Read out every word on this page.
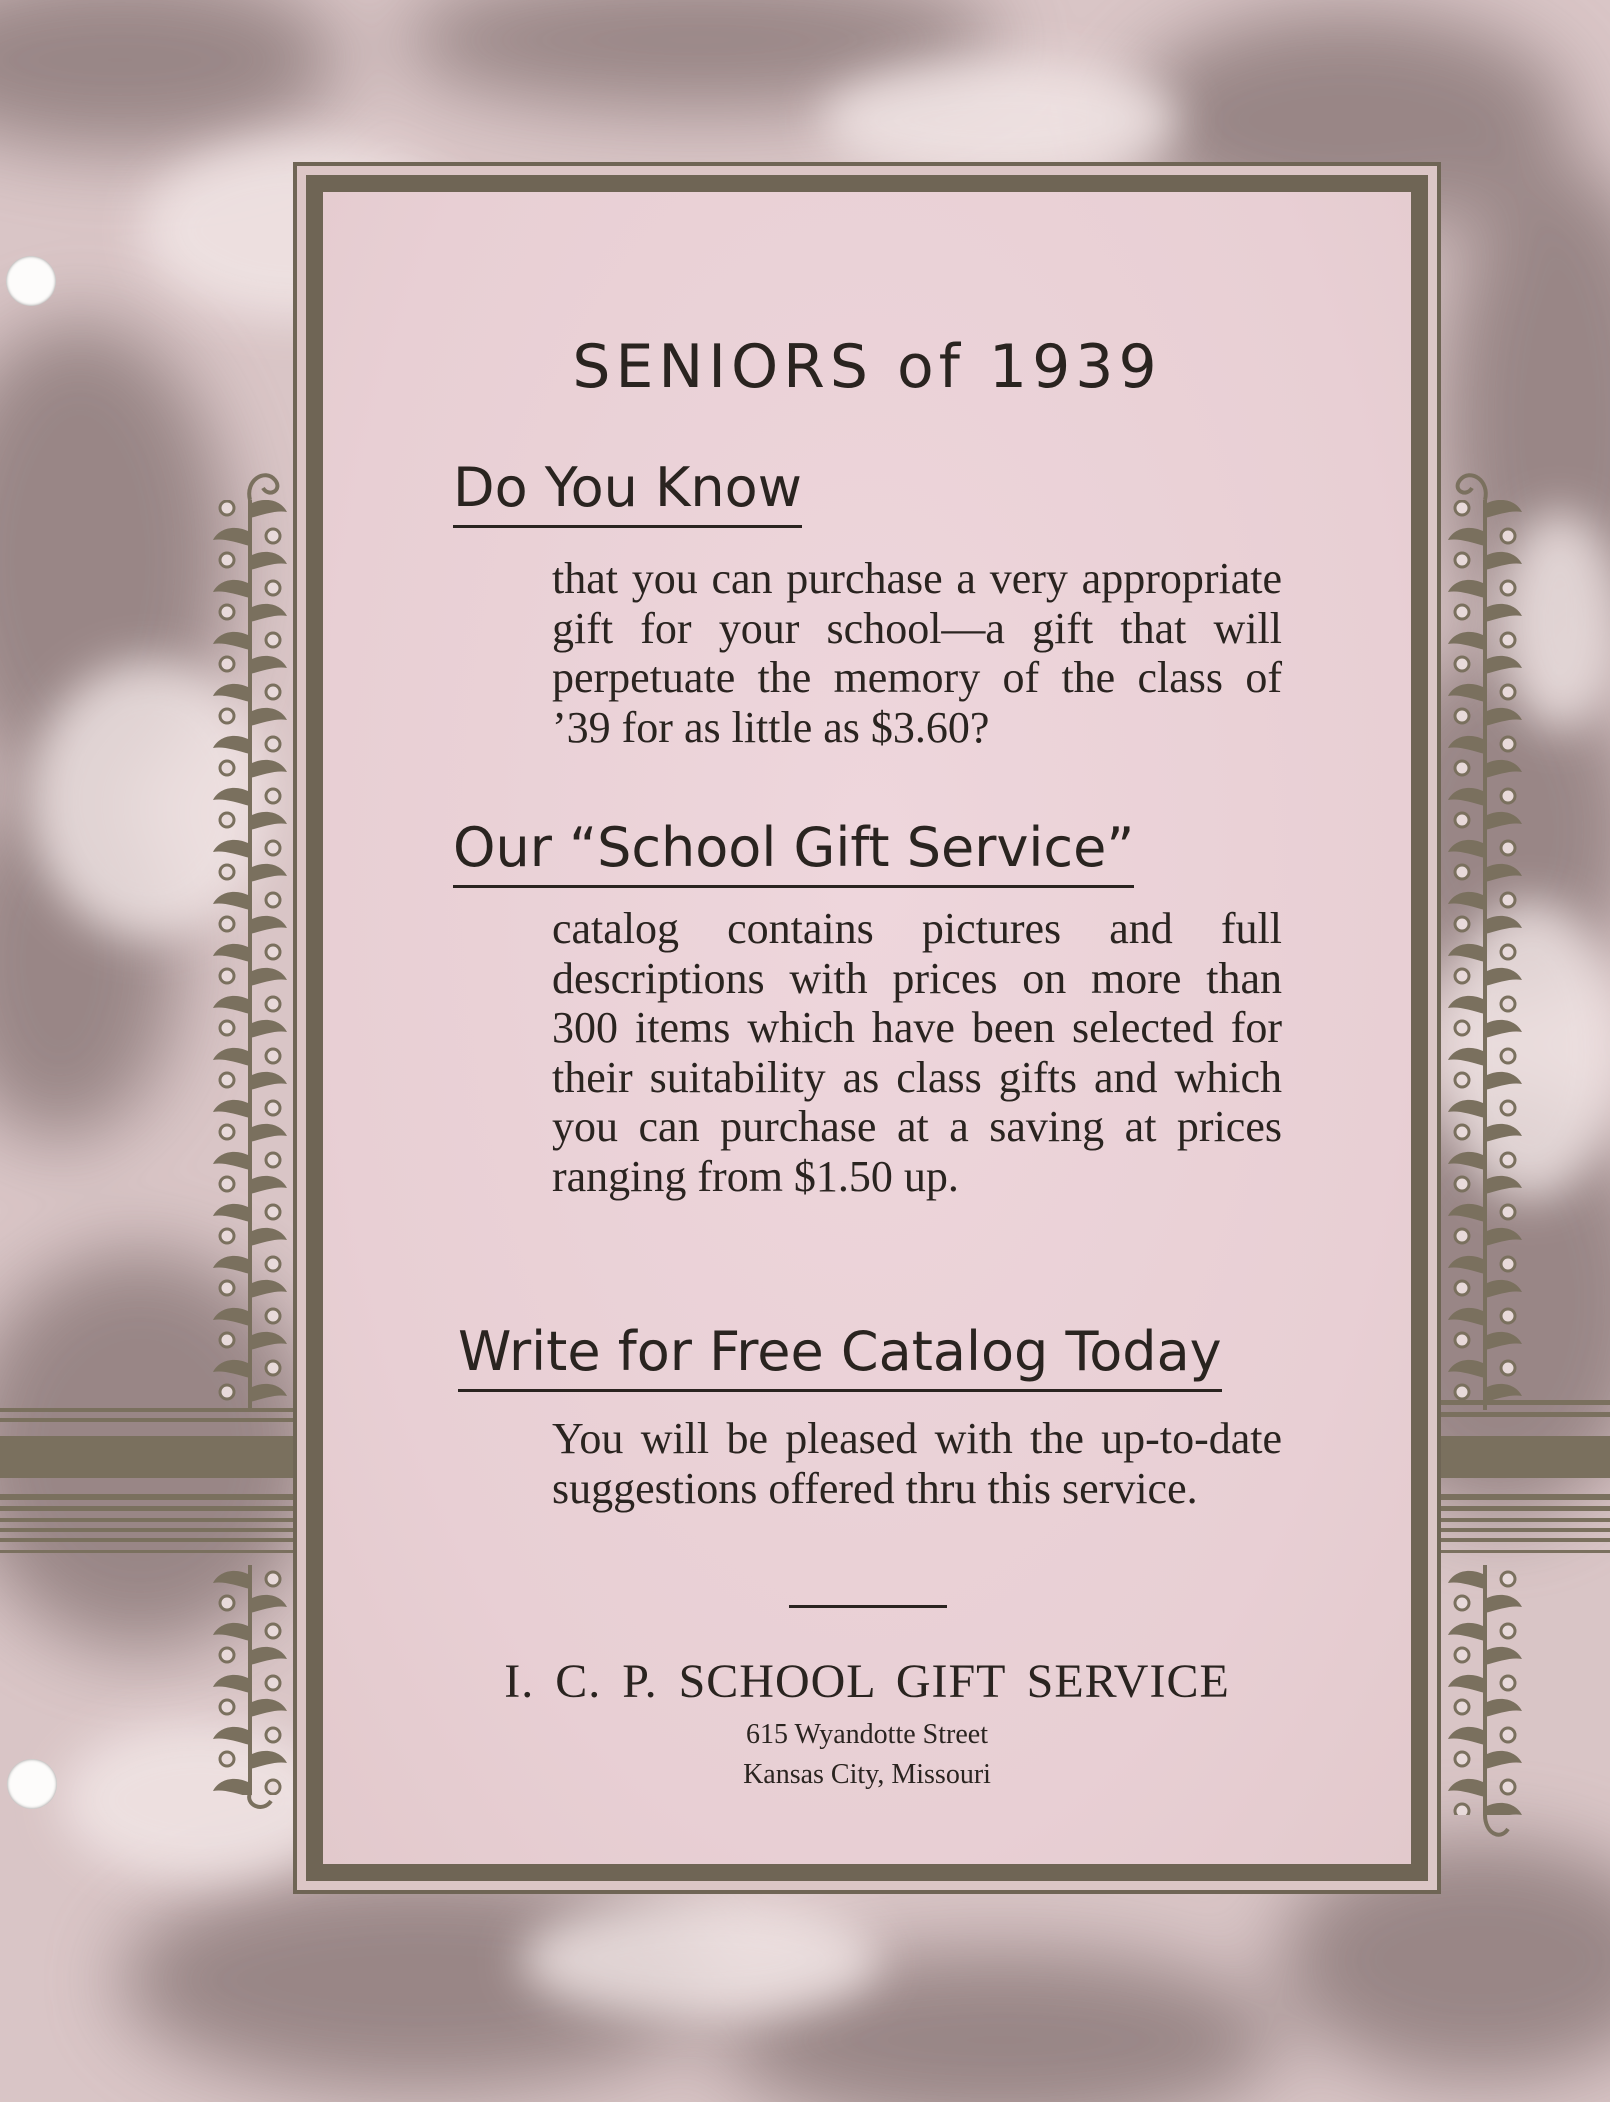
SENIORS of 1939
Do You Know
that you can purchase a very appropriate gift for your school—a gift that will perpetuate the memory of the class of ’39 for as little as $3.60?
Our “School Gift Service”
catalog contains pictures and full descriptions with prices on more than 300 items which have been selected for their suitability as class gifts and which you can purchase at a saving at prices ranging from $1.50 up.
Write for Free Catalog Today
You will be pleased with the up-to-date suggestions offered thru this service.
I. C. P. SCHOOL GIFT SERVICE
615 Wyandotte Street
Kansas City, Missouri
